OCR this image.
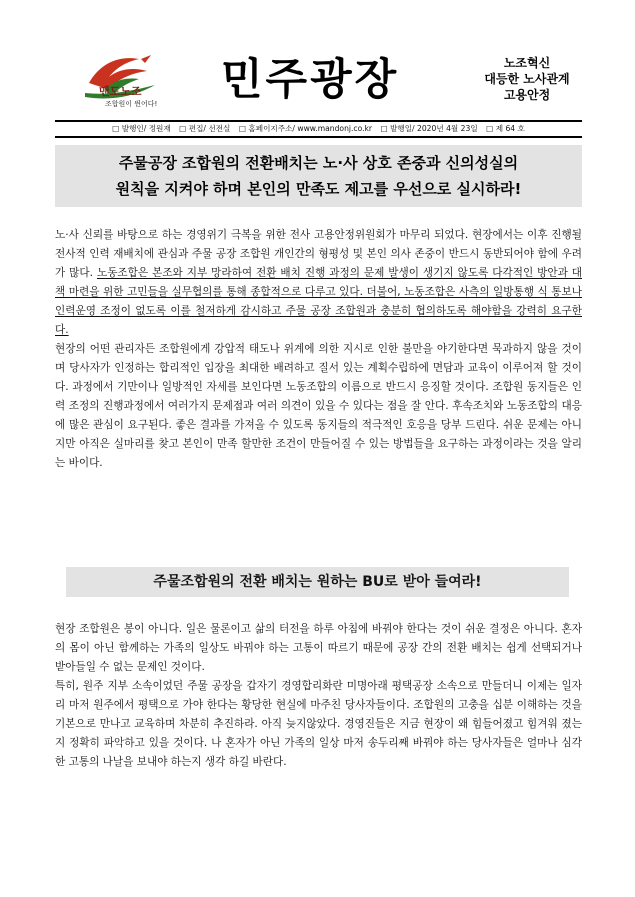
맨도노조
조합원이 뛴어다! 민주광장	노조혁신
대등한 노사관계
고용안정
□ 발행인/ 정원재 □ 편집/ 선전실 □ 홈페이지주소/ www.mandonj.co.kr □ 발행일/ 2020년 4월 23일 □ 제 64 호
주물공장 조합원의 전환배치는 노·사 상호 존중과 신의성실의
원칙을 지켜야 하며 본인의 만족도 제고를 우선으로 실시하라!

노·사 신뢰를 바탕으로 하는 경영위기 극복을 위한 전사 고용안정위원회가 마무리 되었다. 현장에서는 이후 진행될 전사적 인력 재배치에 관심과 주물 공장 조합원 개인간의 형평성 및 본인 의사 존중이 반드시 동반되어야 함에 우려가 많다. 노동조합은 본조와 지부 망라하여 전환 배치 진행 과정의 문제 발생이 생기지 않도록 다각적인 방안과 대책 마련을 위한 고민들을 실무협의를 통해 종합적으로 다루고 있다. 더불어, 노동조합은 사측의 일방통행 식 통보나 인력운영 조정이 없도록 이를 철저하게 감시하고 주물 공장 조합원과 충분히 협의하도록 해야함을 강력히 요구한다.

현장의 어떤 관리자든 조합원에게 강압적 태도나 위계에 의한 지시로 인한 불만을 야기한다면 묵과하지 않을 것이며 당사자가 인정하는 합리적인 입장을 최대한 배려하고 질서 있는 계획수립하에 면담과 교육이 이루어져 할 것이다. 과정에서 기만이나 일방적인 자세를 보인다면 노동조합의 이름으로 반드시 응징할 것이다. 조합원 동지들은 인력 조정의 진행과정에서 여러가지 문제점과 여러 의견이 있을 수 있다는 점을 잘 안다. 후속조치와 노동조합의 대응에 많은 관심이 요구된다. 좋은 결과를 가져올 수 있도록 동지들의 적극적인 호응을 당부 드린다. 쉬운 문제는 아니지만 아직은 실마리를 찾고 본인이 만족 할만한 조건이 만들어질 수 있는 방법들을 요구하는 과정이라는 것을 알리는 바이다.

주물조합원의 전환 배치는 원하는 BU로 받아 들여라!

현장 조합원은 봉이 아니다. 일은 물론이고 삶의 터전을 하루 아침에 바꿔야 한다는 것이 쉬운 결정은 아니다. 혼자의 몸이 아닌 함께하는 가족의 일상도 바꿔야 하는 고통이 따르기 때문에 공장 간의 전환 배치는 쉽게 선택되거나 받아들일 수 없는 문제인 것이다.

특히, 원주 지부 소속이었던 주물 공장을 갑자기 경영합리화란 미명아래 평택공장 소속으로 만들더니 이제는 일자리 마저 원주에서 평택으로 가야 한다는 황당한 현실에 마주친 당사자들이다. 조합원의 고충을 십분 이해하는 것을 기본으로 만나고 교육하며 차분히 추진하라. 아직 늦지않았다. 경영진들은 지금 현장이 왜 힘들어졌고 힘겨워 졌는지 정확히 파악하고 있을 것이다. 나 혼자가 아닌 가족의 일상 마저 송두리째 바꿔야 하는 당사자들은 얼마나 심각한 고통의 나날을 보내야 하는지 생각 하길 바란다.
